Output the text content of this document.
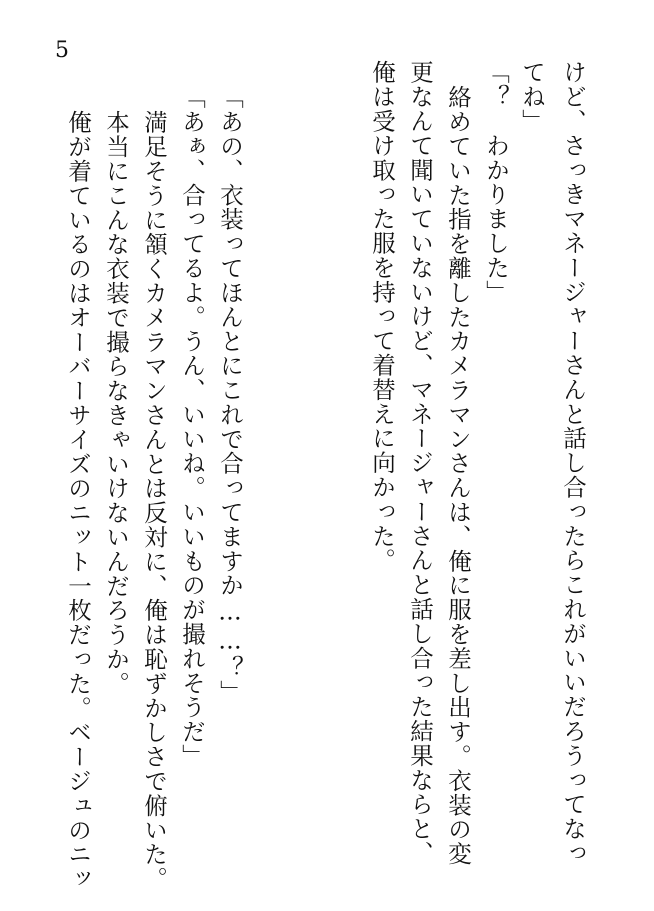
5
けど、さっきマネージャーさんと話し合ったらこれがいいだろうってなっ
てね」
「？　わかりました」
絡めていた指を離したカメラマンさんは、俺に服を差し出す。衣装の変
更なんて聞いていないけど、マネージャーさんと話し合った結果ならと、
俺は受け取った服を持って着替えに向かった。
「あの、衣装ってほんとにこれで合ってますか……？」
「あぁ、合ってるよ。うん、いいね。いいものが撮れそうだ」
満足そうに頷くカメラマンさんとは反対に、俺は恥ずかしさで俯いた。
本当にこんな衣装で撮らなきゃいけないんだろうか。
俺が着ているのはオーバーサイズのニット一枚だった。ベージュのニッ
